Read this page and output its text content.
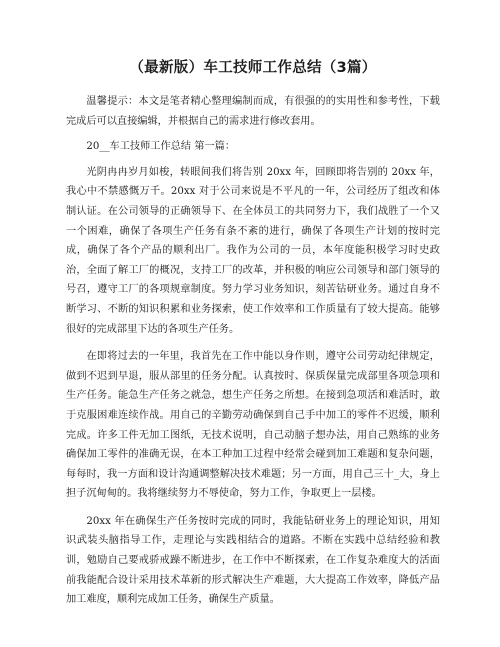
（最新版）车工技师工作总结（3篇）

温馨提示：本文是笔者精心整理编制而成，有很强的的实用性和参考性，下载完成后可以直接编辑，并根据自己的需求进行修改套用。

20__车工技师工作总结 第一篇：

光阴冉冉岁月如梭，转眼间我们将告别 20xx 年，回顾即将告别的 20xx 年，我心中不禁感慨万千。20xx 对于公司来说是不平凡的一年，公司经历了组改和体制认证。在公司领导的正确领导下、在全体员工的共同努力下，我们战胜了一个又一个困难，确保了各项生产任务有条不紊的进行，确保了各项生产计划的按时完成，确保了各个产品的顺利出厂。我作为公司的一员，本年度能积极学习时史政治，全面了解工厂的概况，支持工厂的改革，并积极的响应公司领导和部门领导的号召，遵守工厂的各项规章制度。努力学习业务知识，刻苦钻研业务。通过自身不断学习、不断的知识积累和业务探索，使工作效率和工作质量有了较大提高。能够很好的完成部里下达的各项生产任务。

在即将过去的一年里，我首先在工作中能以身作则，遵守公司劳动纪律规定，做到不迟到早退，服从部里的任务分配。认真按时、保质保量完成部里各项急项和生产任务。能急生产任务之就急，想生产任务之所想。在接到急项活和难活时，敢于克服困难连续作战。用自己的辛勤劳动确保到自己手中加工的零件不迟缓，顺利完成。许多工件无加工图纸，无技术说明，自己动脑子想办法，用自己熟练的业务确保加工零件的准确无误，在本工种加工过程中经常会碰到加工难题和复杂问题，每每时，我一方面和设计沟通调整解决技术难题；另一方面，用自己三十_大，身上担子沉甸甸的。我将继续努力不辱使命，努力工作，争取更上一层楼。

20xx 年在确保生产任务按时完成的同时，我能钻研业务上的理论知识，用知识武装头脑指导工作，走理论与实践相结合的道路。不断在实践中总结经验和教训，勉励自己要戒骄戒躁不断进步，在工作中不断探索，在工作复杂难度大的活面前我能配合设计采用技术革新的形式解决生产难题，大大提高工作效率，降低产品加工难度，顺利完成加工任务，确保生产质量。
